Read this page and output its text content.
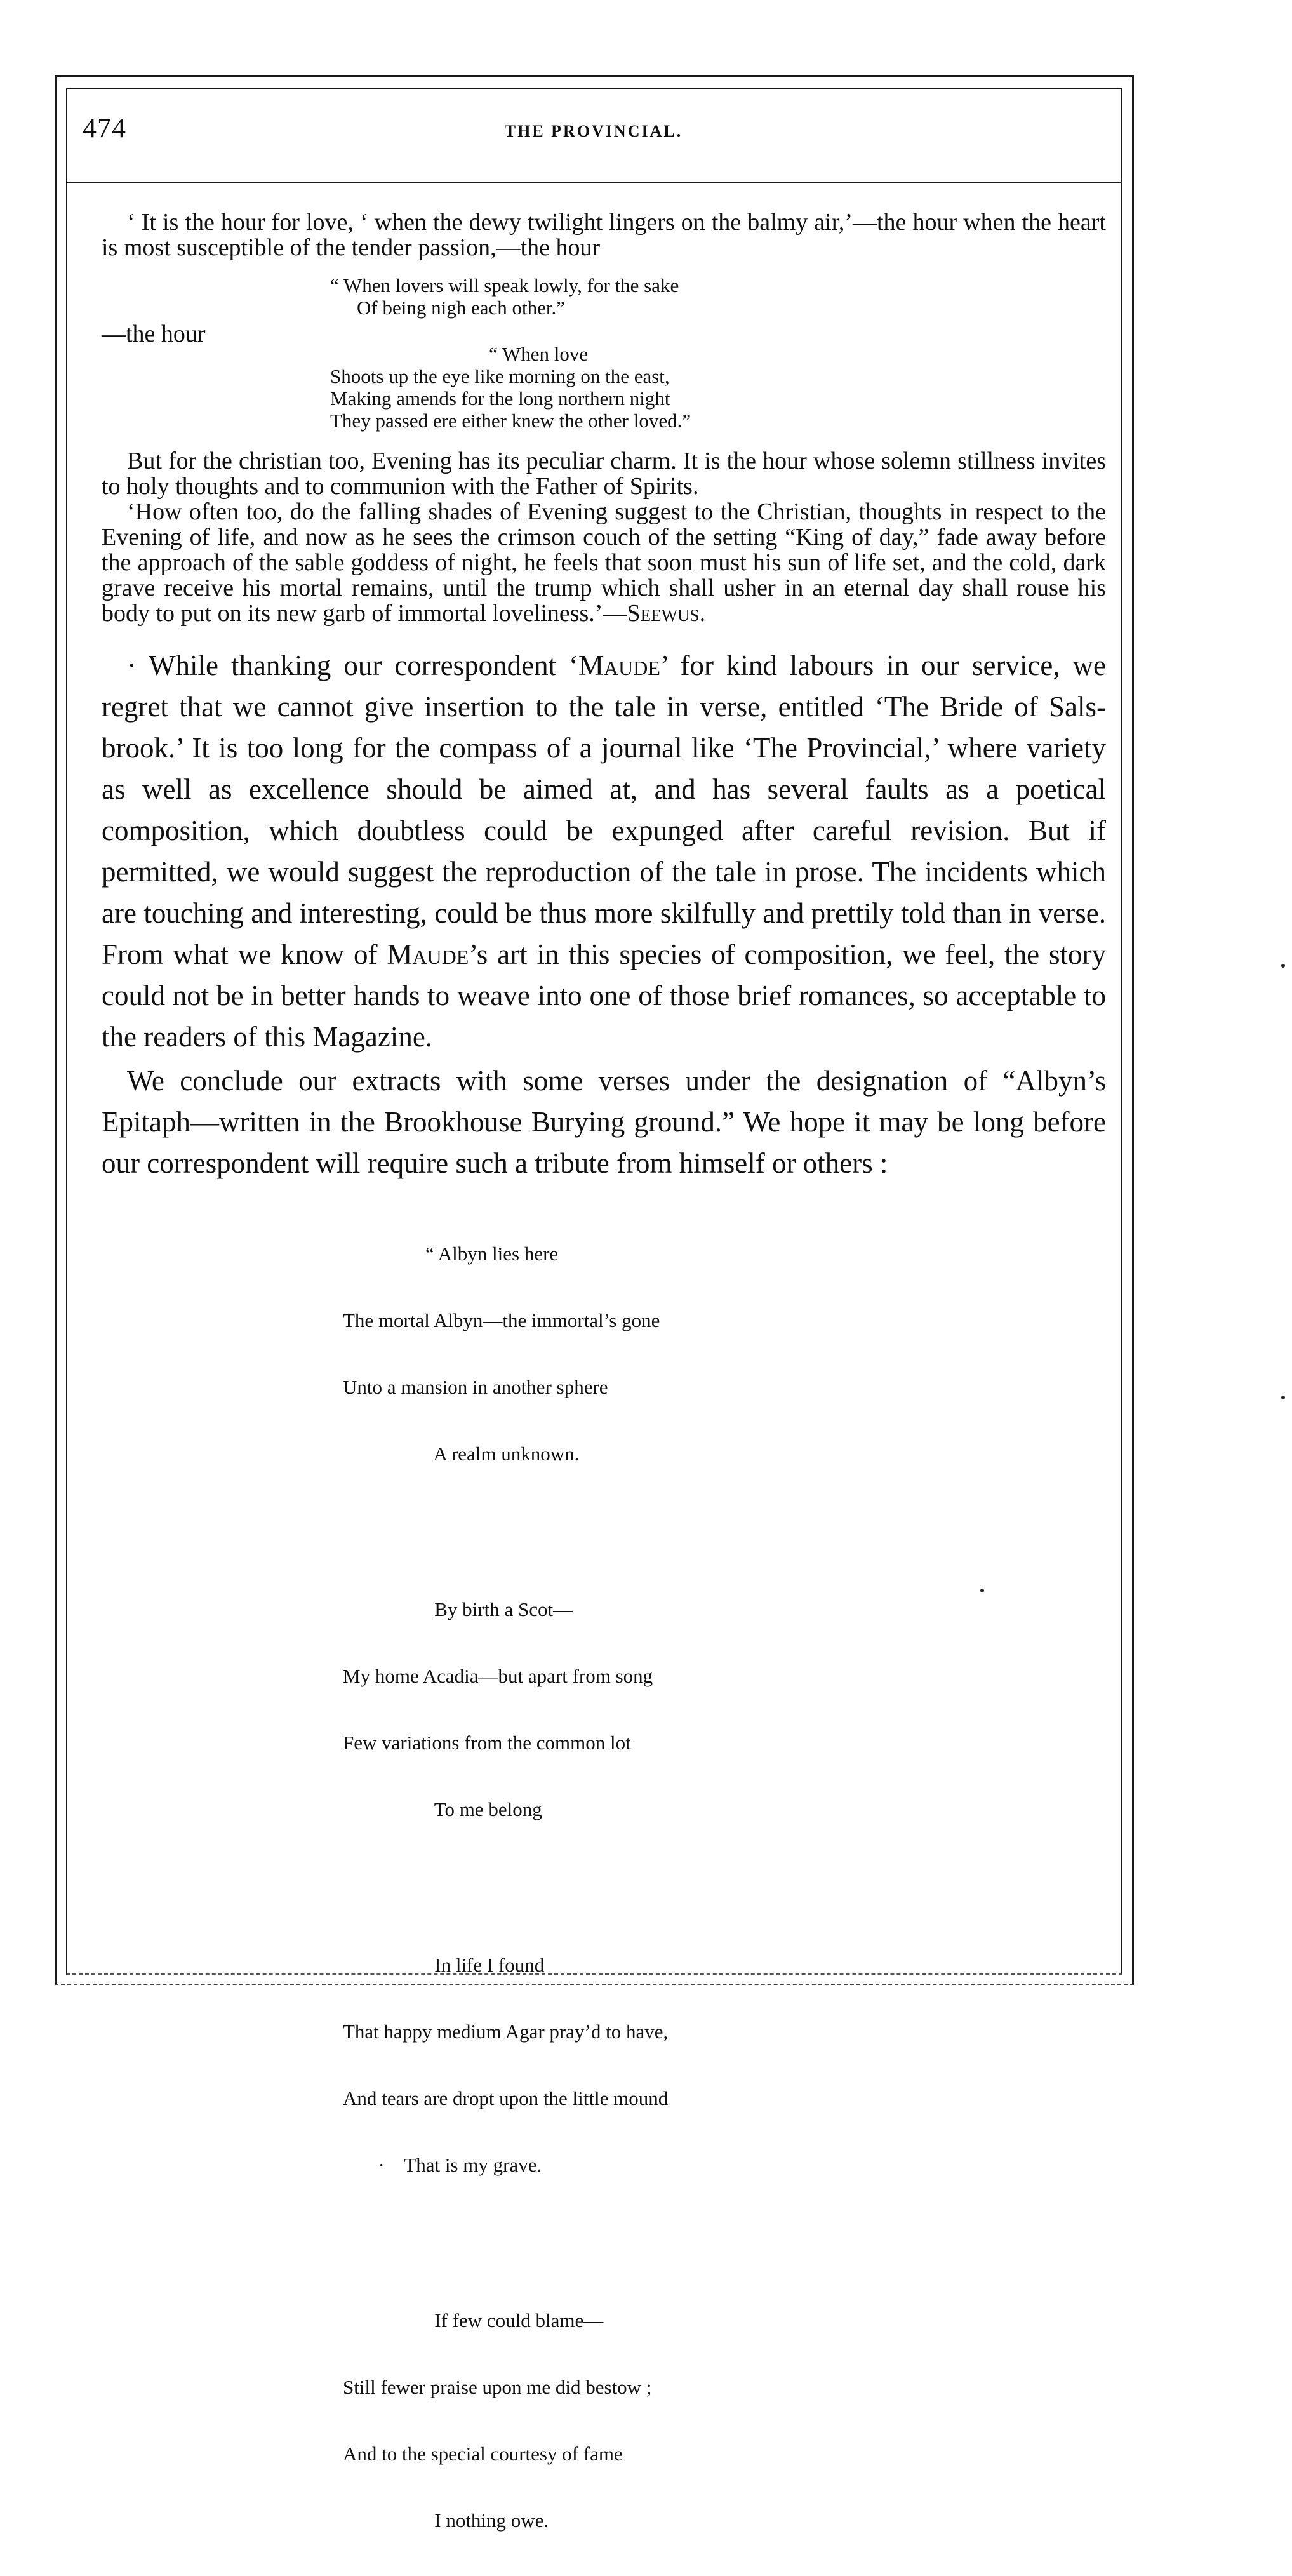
474	THE PROVINCIAL.

‘ It is the hour for love, ‘ when the dewy twilight lingers on the balmy air,’—the hour when the heart is most susceptible of the tender passion,—the hour

“ When lovers will speak lowly, for the sake
Of being nigh each other.”

—the hour

“ When love
Shoots up the eye like morning on the east,
Making amends for the long northern night
They passed ere either knew the other loved.”

But for the christian too, Evening has its peculiar charm. It is the hour whose solemn stillness invites to holy thoughts and to communion with the Father of Spirits.

‘How often too, do the falling shades of Evening suggest to the Christian, thoughts in respect to the Evening of life, and now as he sees the crimson couch of the setting “King of day,” fade away before the approach of the sable goddess of night, he feels that soon must his sun of life set, and the cold, dark grave receive his mortal remains, until the trump which shall usher in an eternal day shall rouse his body to put on its new garb of immortal loveliness.’—Seewus.

· While thanking our correspondent ‘Maude’ for kind labours in our service, we regret that we cannot give insertion to the tale in verse, entitled ‘The Bride of Sals-brook.’ It is too long for the compass of a journal like ‘The Provincial,’ where variety as well as excellence should be aimed at, and has several faults as a poetical composition, which doubtless could be expunged after careful revision. But if permitted, we would suggest the reproduction of the tale in prose. The incidents which are touching and interesting, could be thus more skilfully and prettily told than in verse. From what we know of Maude’s art in this species of composition, we feel, the story could not be in better hands to weave into one of those brief romances, so acceptable to the readers of this Magazine.

We conclude our extracts with some verses under the designation of “Albyn’s Epitaph—written in the Brookhouse Burying ground.” We hope it may be long before our correspondent will require such a tribute from himself or others :

“ Albyn lies here

The mortal Albyn—the immortal’s gone

Unto a mansion in another sphere

A realm unknown.

By birth a Scot—

My home Acadia—but apart from song

Few variations from the common lot

To me belong

In life I found

That happy medium Agar pray’d to have,

And tears are dropt upon the little mound

·    That is my grave.

If few could blame—

Still fewer praise upon me did bestow ;

And to the special courtesy of fame

I nothing owe.
